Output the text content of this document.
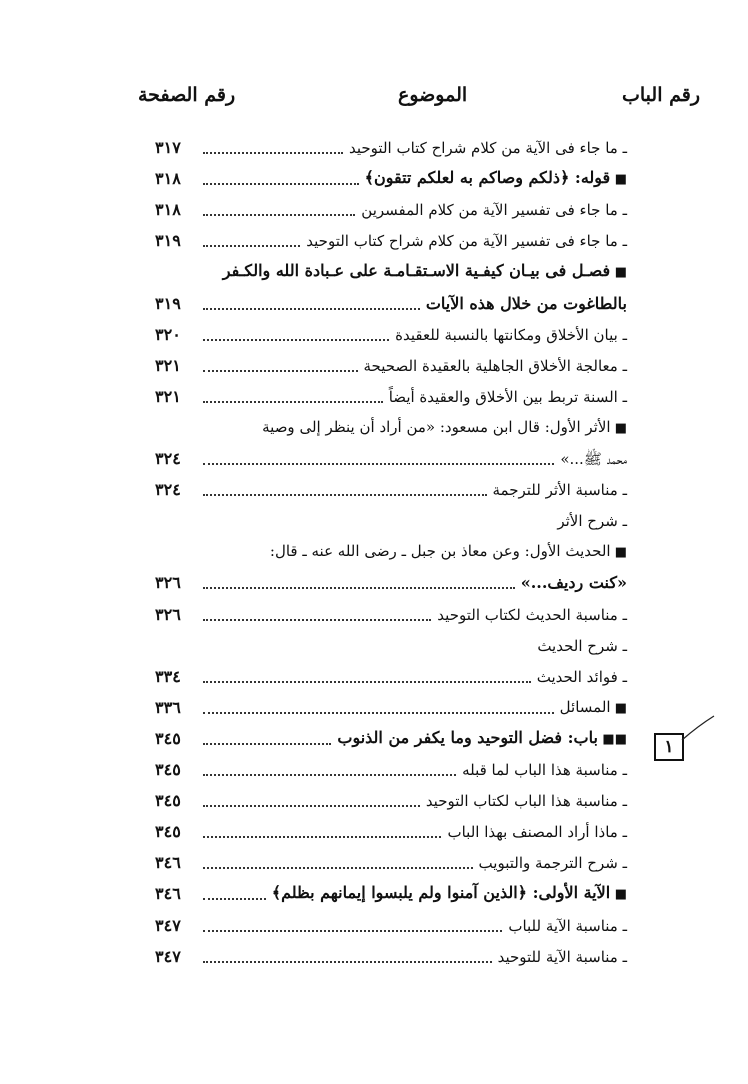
رقم الباب
الموضوع
رقم الصفحة
ـ ما جاء فى الآية من كلام شراح كتاب التوحيد
٣١٧
■ قوله: ﴿ذلكم وصاكم به لعلكم تتقون﴾
٣١٨
ـ ما جاء فى تفسير الآية من كلام المفسرين
٣١٨
ـ ما جاء فى تفسير الآية من كلام شراح كتاب التوحيد
٣١٩
■ فصـل فى بيـان كيفـية الاسـتقـامـة على عـبادة الله والكـفر
بالطاغوت من خلال هذه الآيات
٣١٩
ـ بيان الأخلاق ومكانتها بالنسبة للعقيدة
٣٢٠
ـ معالجة الأخلاق الجاهلية بالعقيدة الصحيحة
٣٢١
ـ السنة تربط بين الأخلاق والعقيدة أيضاً
٣٢١
■ الأثر الأول: قال ابن مسعود: «من أراد أن ينظر إلى وصية
محمد ﷺ...»
٣٢٤
ـ مناسبة الأثر للترجمة
٣٢٤
ـ شرح الأثر
■ الحديث الأول: وعن معاذ بن جبل ـ رضى الله عنه ـ قال:
«كنت رديف...»
٣٢٦
ـ مناسبة الحديث لكتاب التوحيد
٣٢٦
ـ شرح الحديث
ـ فوائد الحديث
٣٣٤
■ المسائل
٣٣٦
■■ باب: فضل التوحيد وما يكفر من الذنوب
٣٤٥
ـ مناسبة هذا الباب لما قبله
٣٤٥
ـ مناسبة هذا الباب لكتاب التوحيد
٣٤٥
ـ ماذا أراد المصنف بهذا الباب
٣٤٥
ـ شرح الترجمة والتبويب
٣٤٦
■ الآية الأولى: ﴿الذين آمنوا ولم يلبسوا إيمانهم بظلم﴾
٣٤٦
ـ مناسبة الآية للباب
٣٤٧
ـ مناسبة الآية للتوحيد
٣٤٧
١
